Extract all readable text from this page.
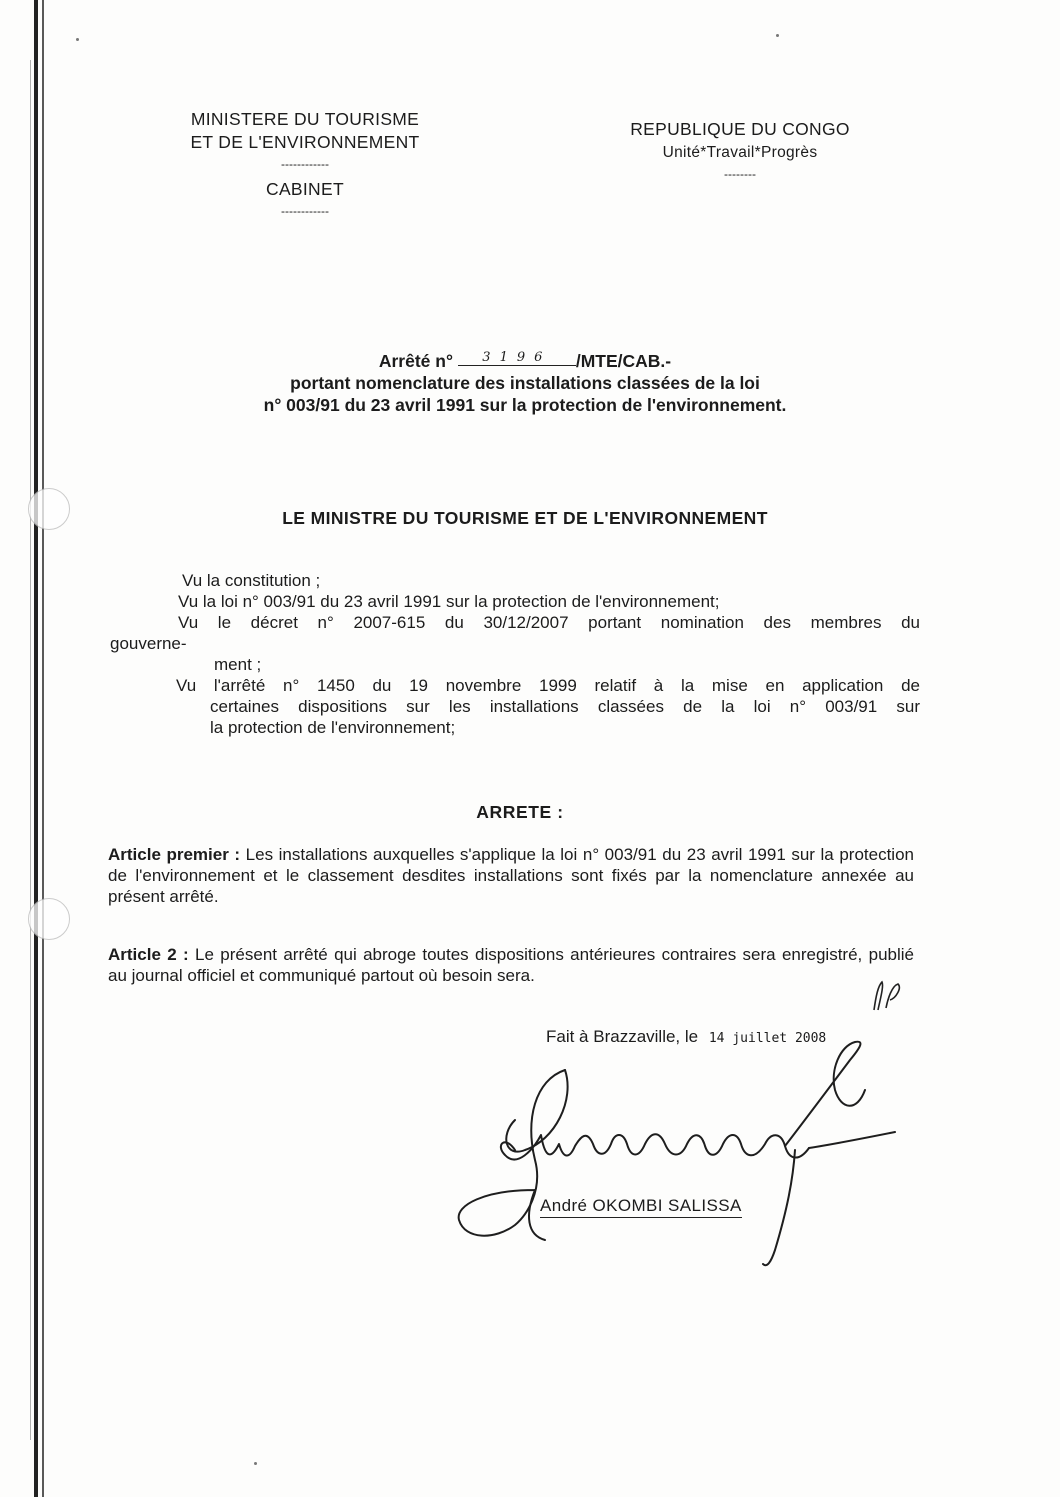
MINISTERE DU TOURISME
ET DE L'ENVIRONNEMENT
------------
CABINET
------------
REPUBLIQUE DU CONGO
Unité*Travail*Progrès
--------
Arrêté n° 3196 /MTE/CAB.-
portant nomenclature des installations classées de la loi
n° 003/91 du 23 avril 1991 sur la protection de l'environnement.
LE MINISTRE DU TOURISME ET DE L'ENVIRONNEMENT
Vu la constitution ;
Vu la loi n° 003/91 du 23 avril 1991 sur la protection de l'environnement;
Vu le décret n° 2007-615 du 30/12/2007 portant nomination des membres du
gouverne-
ment ;
Vu l'arrêté n° 1450 du 19 novembre 1999 relatif à la mise en application de
certaines dispositions sur les installations classées de la loi n° 003/91 sur
la protection de l'environnement;
ARRETE :
Article premier : Les installations auxquelles s'applique la loi n° 003/91 du 23 avril 1991 sur la protection de l'environnement et le classement desdites installations sont fixés par la nomenclature annexée au présent arrêté.
Article 2 : Le présent arrêté qui abroge toutes dispositions antérieures contraires sera enregistré, publié au journal officiel et communiqué partout où besoin sera.
Fait à Brazzaville, le 14 juillet 2008
André OKOMBI SALISSA
